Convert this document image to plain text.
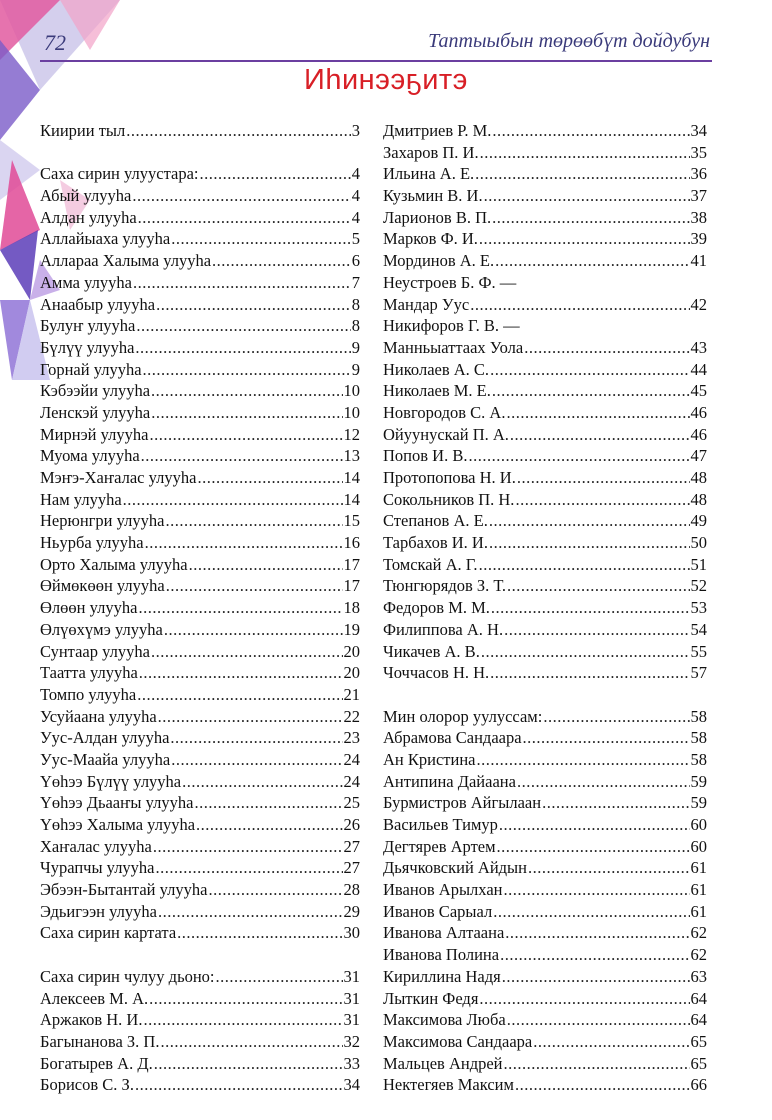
72	Таптыыбын төрөөбүт дойдубун
Иһинээҕитэ
Киирии тыл .....	3
Саха сирин улуустара: .....	4
Абый улууһа .....	4
Алдан улууһа .....	4
Аллайыаха улууһа .....	5
Аллараа Халыма улууһа .....	6
Амма улууһа .....	7
Анаабыр улууһа .....	8
Булуҥ улууһа .....	8
Бүлүү улууһа .....	9
Горнай улууһа .....	9
Кэбээйи улууһа .....	10
Ленскэй улууһа .....	10
Мирнэй улууһа .....	12
Муома улууһа .....	13
Мэҥэ-Хаҥалас улууһа .....	14
Нам улууһа .....	14
Нерюнгри улууһа .....	15
Ньурба улууһа .....	16
Орто Халыма улууһа .....	17
Өймөкөөн улууһа .....	17
Өлөөн улууһа .....	18
Өлүөхүмэ улууһа .....	19
Сунтаар улууһа .....	20
Таатта улууһа .....	20
Томпо улууһа .....	21
Усуйаана улууһа .....	22
Уус-Алдан улууһа .....	23
Уус-Маайа улууһа .....	24
Үөһээ Бүлүү улууһа .....	24
Үөһээ Дьааҥы улууһа .....	25
Үөһээ Халыма улууһа .....	26
Хаҥалас улууһа .....	27
Чурапчы улууһа .....	27
Эбээн-Бытантай улууһа .....	28
Эдьигээн улууһа .....	29
Саха сирин картата .....	30
Саха сирин чулуу дьоно: .....	31
Алексеев М. А. .....	31
Аржаков Н. И. .....	31
Багынанова З. П. .....	32
Богатырев А. Д. .....	33
Борисов С. З. .....	34
Дмитриев Р. М. .....	34
Захаров П. И. .....	35
Ильина А. Е. .....	36
Кузьмин В. И. .....	37
Ларионов В. П. .....	38
Марков Ф. И. .....	39
Мординов А. Е. .....	41
Неустроев Б. Ф. —
Мандар Уус .....	42
Никифоров Г. В. —
Манньыаттаах Уола .....	43
Николаев А. С. .....	44
Николаев М. Е. .....	45
Новгородов С. А. .....	46
Ойуунускай П. А. .....	46
Попов И. В. .....	47
Протопопова Н. И. .....	48
Сокольников П. Н. .....	48
Степанов А. Е. .....	49
Тарбахов И. И. .....	50
Томскай А. Г. .....	51
Тюнгюрядов З. Т. .....	52
Федоров М. М. .....	53
Филиппова А. Н. .....	54
Чикачев А. В. .....	55
Чоччасов Н. Н. .....	57
Мин олорор уулуссам: .....	58
Абрамова Сандаара .....	58
Ан Кристина .....	58
Антипина Дайаана .....	59
Бурмистров Айгылаан .....	59
Васильев Тимур .....	60
Дегтярев Артем .....	60
Дьячковский Айдын .....	61
Иванов Арылхан .....	61
Иванов Сарыал .....	61
Иванова Алтаана .....	62
Иванова Полина .....	62
Кириллина Надя .....	63
Лыткин Федя .....	64
Максимова Люба .....	64
Максимова Сандаара .....	65
Мальцев Андрей .....	65
Нектегяев Максим .....	66
